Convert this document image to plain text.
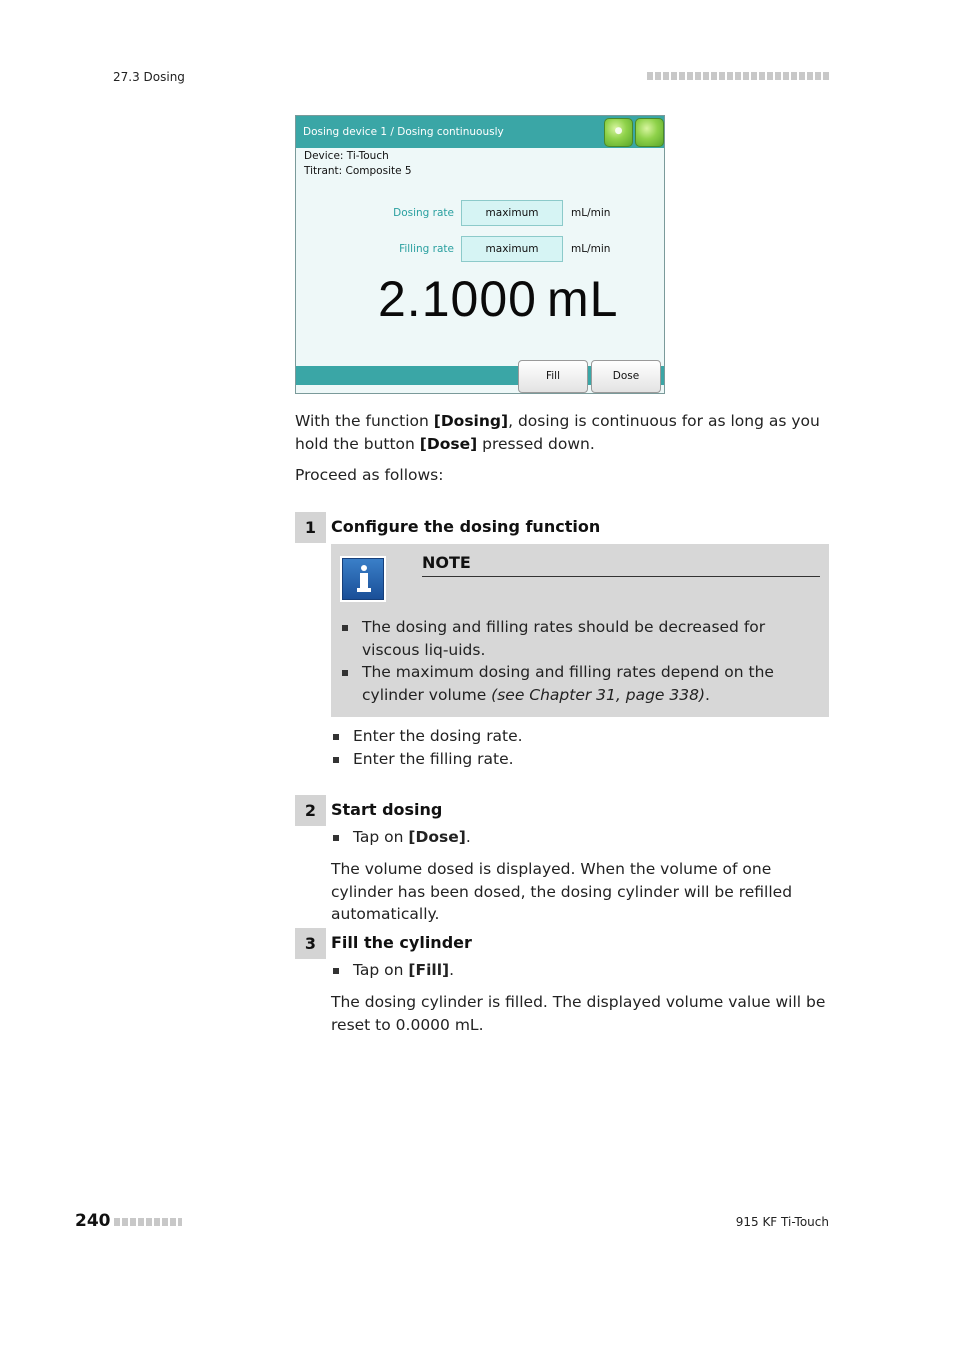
27.3 Dosing
Dosing device 1 / Dosing continuously	●
Device: Ti-Touch
Titrant: Composite 5
Dosing rate	maximum	mL/min
Filling rate	maximum	mL/min
2.1000 mL
Fill	Dose
With the function [Dosing], dosing is continuous for as long as you hold the button [Dose] pressed down.
Proceed as follows:
1 Configure the dosing function
NOTE
The dosing and filling rates should be decreased for viscous liq-uids.
The maximum dosing and filling rates depend on the cylinder volume (see Chapter 31, page 338).
Enter the dosing rate.
Enter the filling rate.
2 Start dosing
Tap on [Dose].
The volume dosed is displayed. When the volume of one cylinder has been dosed, the dosing cylinder will be refilled automatically.
3 Fill the cylinder
Tap on [Fill].
The dosing cylinder is filled. The displayed volume value will be reset to 0.0000 mL.
240	915 KF Ti-Touch
